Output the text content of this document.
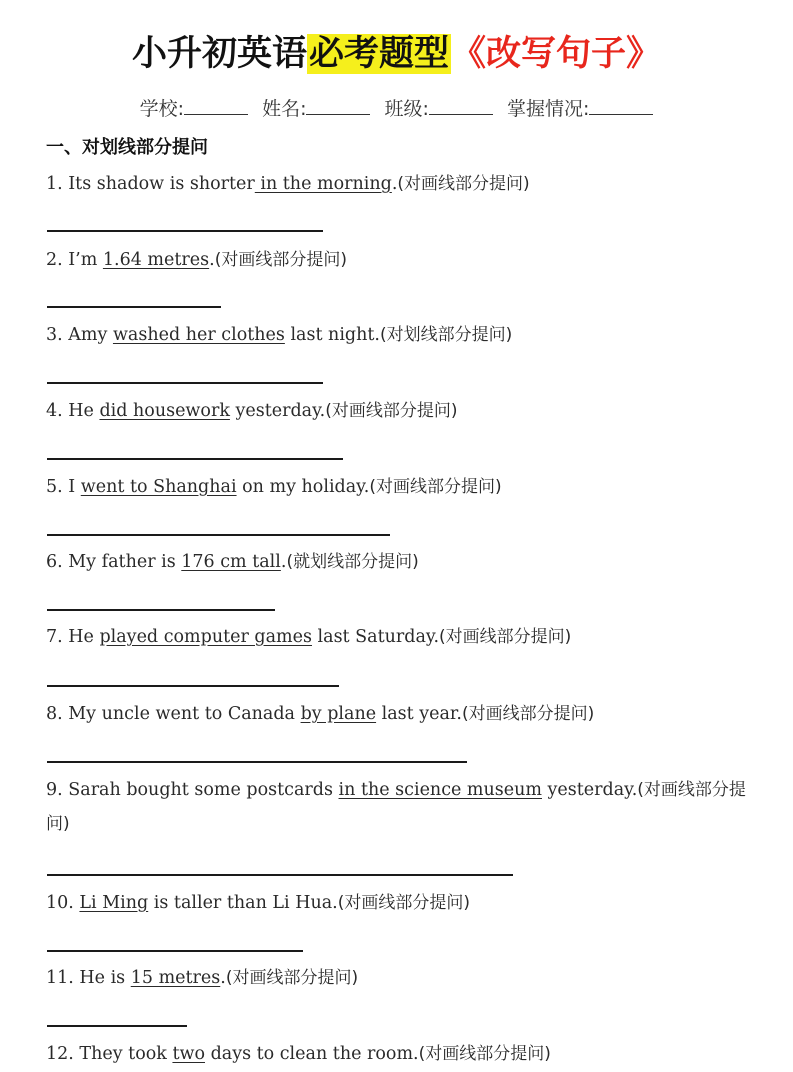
小升初英语必考题型《改写句子》
学校:	姓名:	班级:	掌握情况:
一、对划线部分提问
1. Its shadow is shorter in the morning.(对画线部分提问)
2. I’m 1.64 metres.(对画线部分提问)
3. Amy washed her clothes last night.(对划线部分提问)
4. He did housework yesterday.(对画线部分提问)
5. I went to Shanghai on my holiday.(对画线部分提问)
6. My father is 176 cm tall.(就划线部分提问)
7. He played computer games last Saturday.(对画线部分提问)
8. My uncle went to Canada by plane last year.(对画线部分提问)
9. Sarah bought some postcards in the science museum yesterday.(对画线部分提问)
10. Li Ming is taller than Li Hua.(对画线部分提问)
11. He is 15 metres.(对画线部分提问)
12. They took two days to clean the room.(对画线部分提问)
